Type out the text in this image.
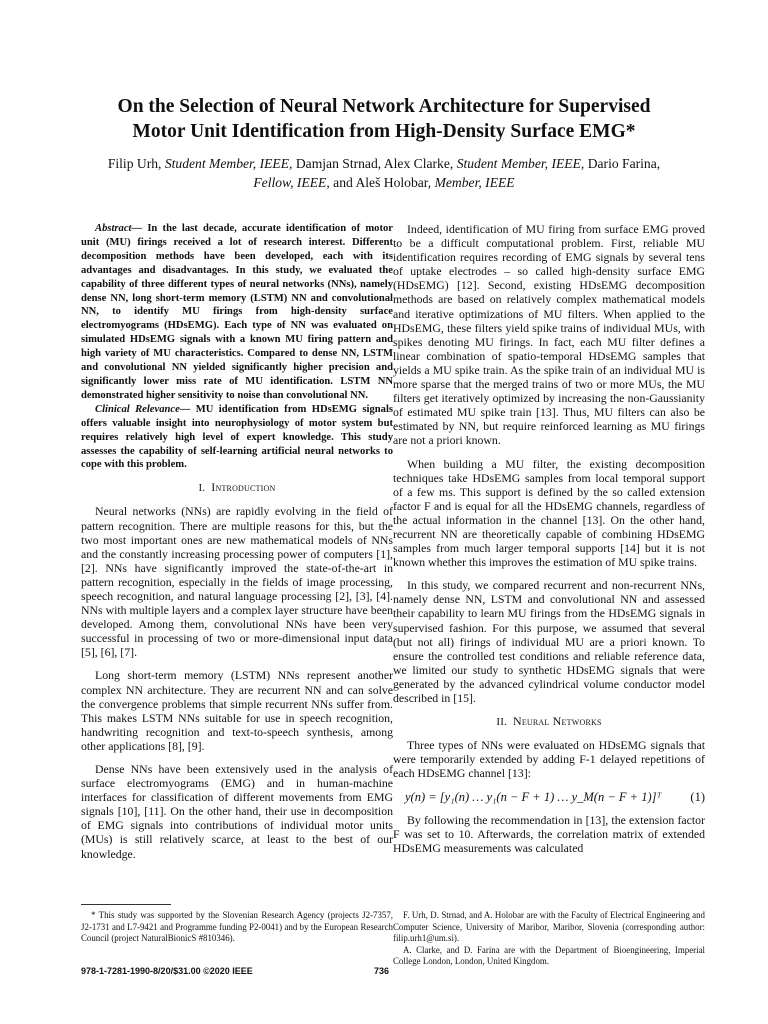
On the Selection of Neural Network Architecture for Supervised
Motor Unit Identification from High-Density Surface EMG*
Filip Urh, Student Member, IEEE, Damjan Strnad, Alex Clarke, Student Member, IEEE, Dario Farina,
Fellow, IEEE, and Aleš Holobar, Member, IEEE

Abstract— In the last decade, accurate identification of motor unit (MU) firings received a lot of research interest. Different decomposition methods have been developed, each with its advantages and disadvantages. In this study, we evaluated the capability of three different types of neural networks (NNs), namely dense NN, long short-term memory (LSTM) NN and convolutional NN, to identify MU firings from high-density surface electromyograms (HDsEMG). Each type of NN was evaluated on simulated HDsEMG signals with a known MU firing pattern and high variety of MU characteristics. Compared to dense NN, LSTM and convolutional NN yielded significantly higher precision and significantly lower miss rate of MU identification. LSTM NN demonstrated higher sensitivity to noise than convolutional NN.

Clinical Relevance— MU identification from HDsEMG signals offers valuable insight into neurophysiology of motor system but requires relatively high level of expert knowledge. This study assesses the capability of self-learning artificial neural networks to cope with this problem.

I. Introduction

Neural networks (NNs) are rapidly evolving in the field of pattern recognition. There are multiple reasons for this, but the two most important ones are new mathematical models of NNs and the constantly increasing processing power of computers [1], [2]. NNs have significantly improved the state-of-the-art in pattern recognition, especially in the fields of image processing, speech recognition, and natural language processing [2], [3], [4]. NNs with multiple layers and a complex layer structure have been developed. Among them, convolutional NNs have been very successful in processing of two or more-dimensional input data [5], [6], [7].

Long short-term memory (LSTM) NNs represent another complex NN architecture. They are recurrent NN and can solve the convergence problems that simple recurrent NNs suffer from. This makes LSTM NNs suitable for use in speech recognition, handwriting recognition and text-to-speech synthesis, among other applications [8], [9].

Dense NNs have been extensively used in the analysis of surface electromyograms (EMG) and in human-machine interfaces for classification of different movements from EMG signals [10], [11]. On the other hand, their use in decomposition of EMG signals into contributions of individual motor units (MUs) is still relatively scarce, at least to the best of our knowledge.

Indeed, identification of MU firing from surface EMG proved to be a difficult computational problem. First, reliable MU identification requires recording of EMG signals by several tens of uptake electrodes – so called high-density surface EMG (HDsEMG) [12]. Second, existing HDsEMG decomposition methods are based on relatively complex mathematical models and iterative optimizations of MU filters. When applied to the HDsEMG, these filters yield spike trains of individual MUs, with spikes denoting MU firings. In fact, each MU filter defines a linear combination of spatio-temporal HDsEMG samples that yields a MU spike train. As the spike train of an individual MU is more sparse that the merged trains of two or more MUs, the MU filters get iteratively optimized by increasing the non-Gaussianity of estimated MU spike train [13]. Thus, MU filters can also be estimated by NN, but require reinforced learning as MU firings are not a priori known.

When building a MU filter, the existing decomposition techniques take HDsEMG samples from local temporal support of a few ms. This support is defined by the so called extension factor F and is equal for all the HDsEMG channels, regardless of the actual information in the channel [13]. On the other hand, recurrent NN are theoretically capable of combining HDsEMG samples from much larger temporal supports [14] but it is not known whether this improves the estimation of MU spike trains.

In this study, we compared recurrent and non-recurrent NNs, namely dense NN, LSTM and convolutional NN and assessed their capability to learn MU firings from the HDsEMG signals in supervised fashion. For this purpose, we assumed that several (but not all) firings of individual MU are a priori known. To ensure the controlled test conditions and reliable reference data, we limited our study to synthetic HDsEMG signals that were generated by the advanced cylindrical volume conductor model described in [15].

II. Neural Networks

Three types of NNs were evaluated on HDsEMG signals that were temporarily extended by adding F-1 delayed repetitions of each HDsEMG channel [13]:

y(n) = [y₁(n) … y₁(n − F + 1) … y_M(n − F + 1)]ᵀ (1)

By following the recommendation in [13], the extension factor F was set to 10. Afterwards, the correlation matrix of extended HDsEMG measurements was calculated

* This study was supported by the Slovenian Research Agency (projects J2-7357, J2-1731 and L7-9421 and Programme funding P2-0041) and by the European Research Council (project NaturalBionicS #810346).
F. Urh, D. Strnad, and A. Holobar are with the Faculty of Electrical Engineering and Computer Science, University of Maribor, Maribor, Slovenia (corresponding author: filip.urh1@um.si).
A. Clarke, and D. Farina are with the Department of Bioengineering, Imperial College London, London, United Kingdom.
978-1-7281-1990-8/20/$31.00 ©2020 IEEE	736
